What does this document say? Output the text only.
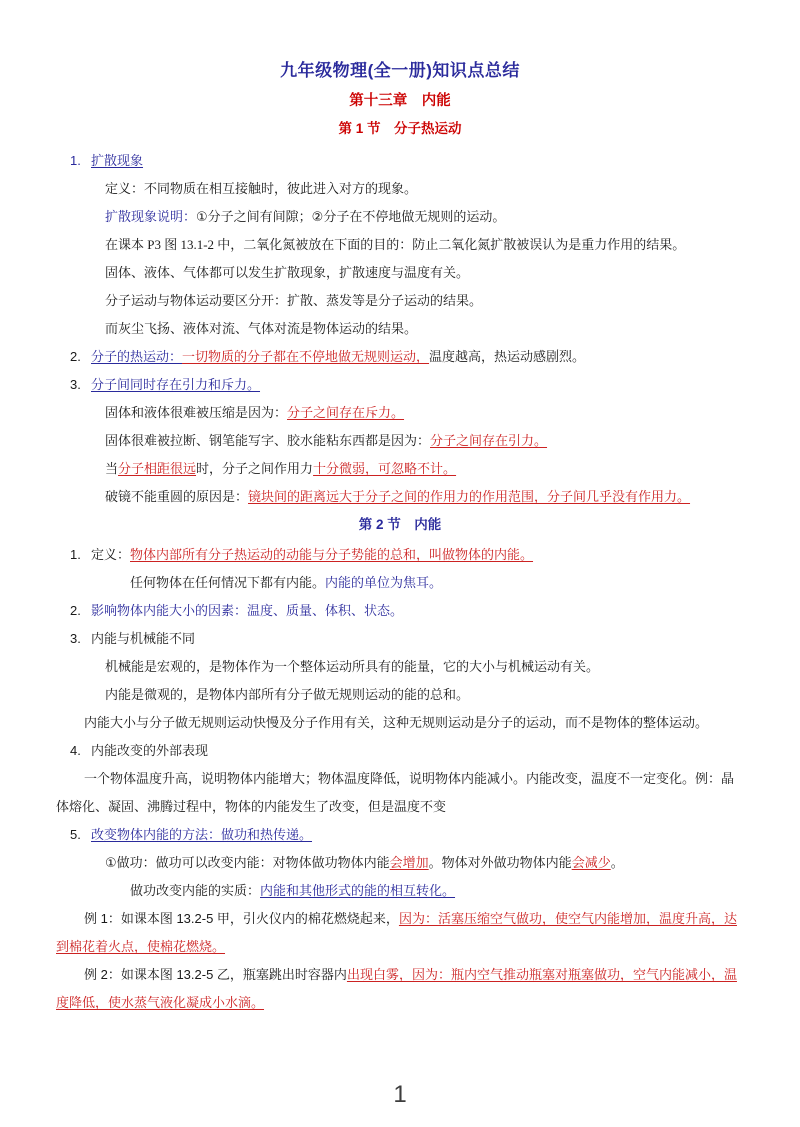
九年级物理(全一册)知识点总结
第十三章　内能
第 1 节　分子热运动
1. 扩散现象
定义：不同物质在相互接触时，彼此进入对方的现象。
扩散现象说明：①分子之间有间隙；②分子在不停地做无规则的运动。
在课本 P3 图 13.1-2 中，二氧化氮被放在下面的目的：防止二氧化氮扩散被误认为是重力作用的结果。
固体、液体、气体都可以发生扩散现象，扩散速度与温度有关。
分子运动与物体运动要区分开：扩散、蒸发等是分子运动的结果。
而灰尘飞扬、液体对流、气体对流是物体运动的结果。
2. 分子的热运动：一切物质的分子都在不停地做无规则运动，温度越高，热运动感剧烈。
3. 分子间同时存在引力和斥力。
固体和液体很难被压缩是因为：分子之间存在斥力。
固体很难被拉断、钢笔能写字、胶水能粘东西都是因为：分子之间存在引力。
当分子相距很远时，分子之间作用力十分微弱，可忽略不计。
破镜不能重圆的原因是：镜块间的距离远大于分子之间的作用力的作用范围，分子间几乎没有作用力。
第 2 节　内能
1. 定义：物体内部所有分子热运动的动能与分子势能的总和，叫做物体的内能。
任何物体在任何情况下都有内能。内能的单位为焦耳。
2. 影响物体内能大小的因素：温度、质量、体积、状态。
3. 内能与机械能不同
机械能是宏观的，是物体作为一个整体运动所具有的能量，它的大小与机械运动有关。
内能是微观的，是物体内部所有分子做无规则运动的能的总和。
内能大小与分子做无规则运动快慢及分子作用有关，这种无规则运动是分子的运动，而不是物体的整体运动。
4. 内能改变的外部表现
一个物体温度升高，说明物体内能增大；物体温度降低，说明物体内能减小。内能改变，温度不一定变化。例：晶体熔化、凝固、沸腾过程中，物体的内能发生了改变，但是温度不变
5. 改变物体内能的方法：做功和热传递。
①做功：做功可以改变内能：对物体做功物体内能会增加。物体对外做功物体内能会减少。
做功改变内能的实质：内能和其他形式的能的相互转化。
例 1：如课本图 13.2-5 甲，引火仪内的棉花燃烧起来，因为：活塞压缩空气做功，使空气内能增加，温度升高，达到棉花着火点，使棉花燃烧。
例 2：如课本图 13.2-5 乙，瓶塞跳出时容器内出现白雾，因为：瓶内空气推动瓶塞对瓶塞做功，空气内能减小，温度降低，使水蒸气液化凝成小水滴。
1
